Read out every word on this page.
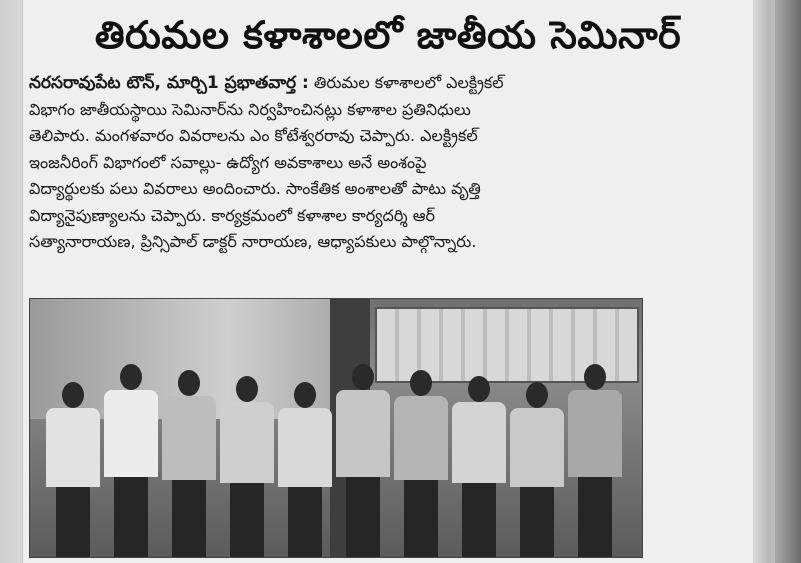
తిరుమల కళాశాలలో జాతీయ సెమినార్
నరసరావుపేట టౌన్, మార్చి1 ప్రభాతవార్త : తిరుమల కళాశాలలో ఎలక్ట్రికల్
విభాగం జాతీయస్థాయి సెమినార్‌ను నిర్వహించినట్లు కళాశాల ప్రతినిధులు
తెలిపారు. మంగళవారం వివరాలను ఎం కోటేశ్వరరావు చెప్పారు. ఎలక్ట్రికల్
ఇంజనీరింగ్ విభాగంలో సవాల్లు- ఉద్యోగ అవకాశాలు అనే అంశంపై
విద్యార్థులకు పలు వివరాలు అందించారు. సాంకేతిక అంశాలతో పాటు వృత్తి
విద్యానైపుణ్యాలను చెప్పారు. కార్యక్రమంలో కళాశాల కార్యదర్శి ఆర్
సత్యానారాయణ, ప్రిన్సిపాల్ డాక్టర్ నారాయణ, ఆధ్యాపకులు పాల్గొన్నారు.
